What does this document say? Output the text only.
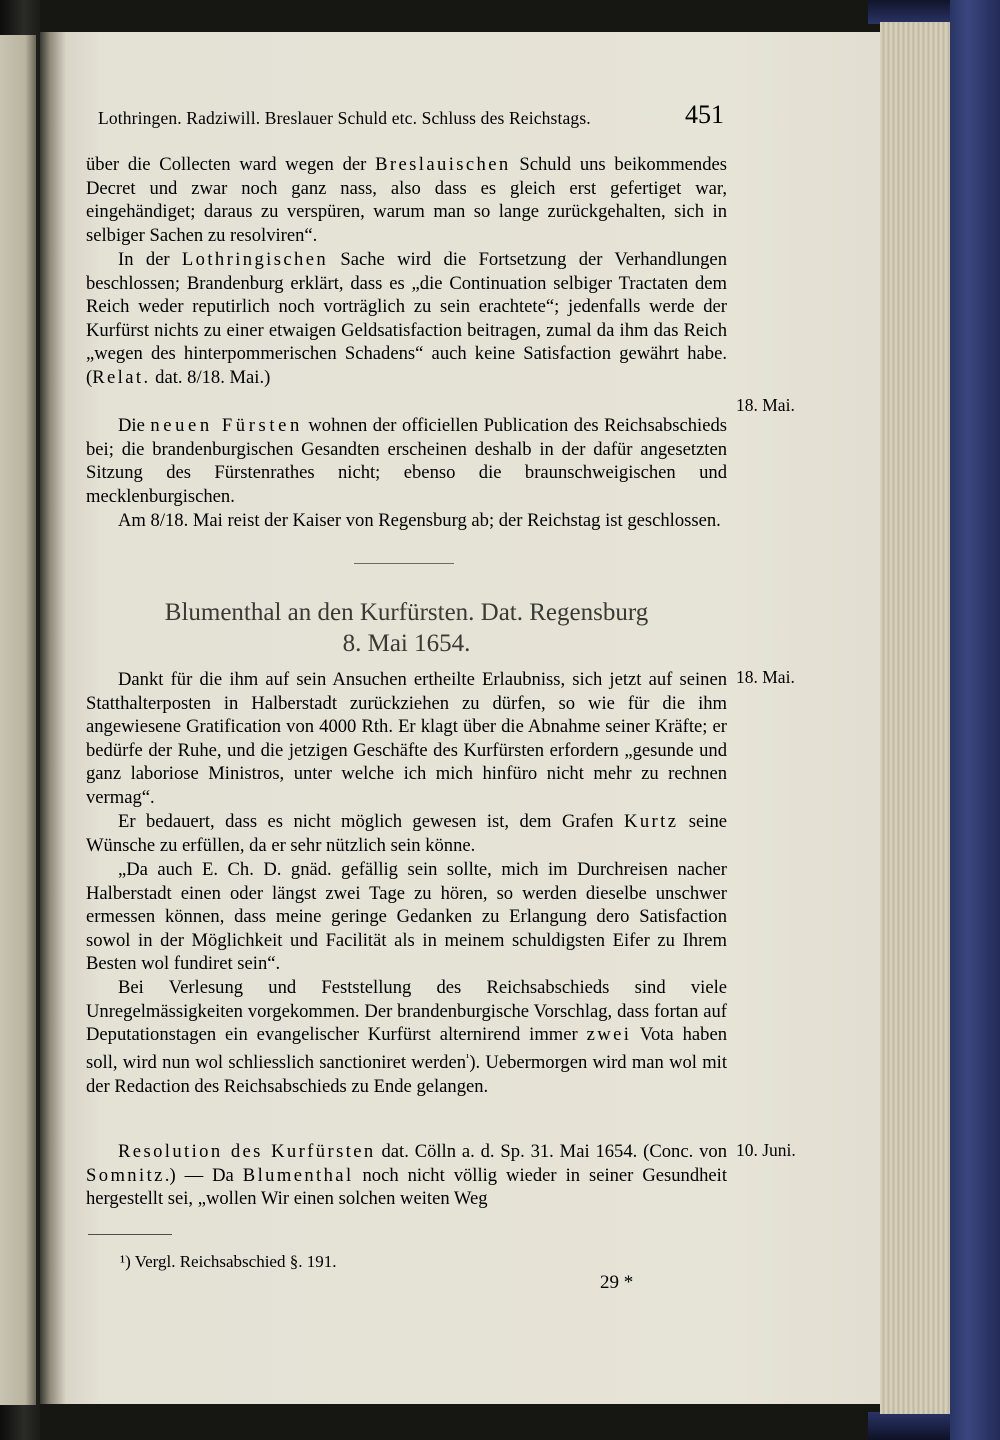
Lothringen. Radziwill. Breslauer Schuld etc. Schluss des Reichstags.	451

über die Collecten ward wegen der Breslauischen Schuld uns beikommendes Decret und zwar noch ganz nass, also dass es gleich erst gefertiget war, eingehändiget; daraus zu verspüren, warum man so lange zurückgehalten, sich in selbiger Sachen zu resolviren“.

In der Lothringischen Sache wird die Fortsetzung der Verhandlungen beschlossen; Brandenburg erklärt, dass es „die Continuation selbiger Tractaten dem Reich weder reputirlich noch vorträglich zu sein erachtete“; jedenfalls werde der Kurfürst nichts zu einer etwaigen Geldsatisfaction beitragen, zumal da ihm das Reich „wegen des hinterpommerischen Schadens“ auch keine Satisfaction gewährt habe. (Relat. dat. 8/18. Mai.)

18. Mai.

Die neuen Fürsten wohnen der officiellen Publication des Reichsabschieds bei; die brandenburgischen Gesandten erscheinen deshalb in der dafür angesetzten Sitzung des Fürstenrathes nicht; ebenso die braunschweigischen und mecklenburgischen.

Am 8/18. Mai reist der Kaiser von Regensburg ab; der Reichstag ist geschlossen.

Blumenthal an den Kurfürsten. Dat. Regensburg
8. Mai 1654.
18. Mai.

Dankt für die ihm auf sein Ansuchen ertheilte Erlaubniss, sich jetzt auf seinen Statthalterposten in Halberstadt zurückziehen zu dürfen, so wie für die ihm angewiesene Gratification von 4000 Rth. Er klagt über die Abnahme seiner Kräfte; er bedürfe der Ruhe, und die jetzigen Geschäfte des Kurfürsten erfordern „gesunde und ganz laboriose Ministros, unter welche ich mich hinfüro nicht mehr zu rechnen vermag“.

Er bedauert, dass es nicht möglich gewesen ist, dem Grafen Kurtz seine Wünsche zu erfüllen, da er sehr nützlich sein könne.

„Da auch E. Ch. D. gnäd. gefällig sein sollte, mich im Durchreisen nacher Halberstadt einen oder längst zwei Tage zu hören, so werden dieselbe unschwer ermessen können, dass meine geringe Gedanken zu Erlangung dero Satisfaction sowol in der Möglichkeit und Facilität als in meinem schuldigsten Eifer zu Ihrem Besten wol fundiret sein“.

Bei Verlesung und Feststellung des Reichsabschieds sind viele Unregelmässigkeiten vorgekommen. Der brandenburgische Vorschlag, dass fortan auf Deputationstagen ein evangelischer Kurfürst alternirend immer zwei Vota haben soll, wird nun wol schliesslich sanctioniret werden$^{^1}$). Uebermorgen wird man wol mit der Redaction des Reichsabschieds zu Ende gelangen.

10. Juni.

Resolution des Kurfürsten dat. Cölln a. d. Sp. 31. Mai 1654. (Conc. von Somnitz.) — Da Blumenthal noch nicht völlig wieder in seiner Gesundheit hergestellt sei, „wollen Wir einen solchen weiten Weg

¹) Vergl. Reichsabschied §. 191.
29 *
